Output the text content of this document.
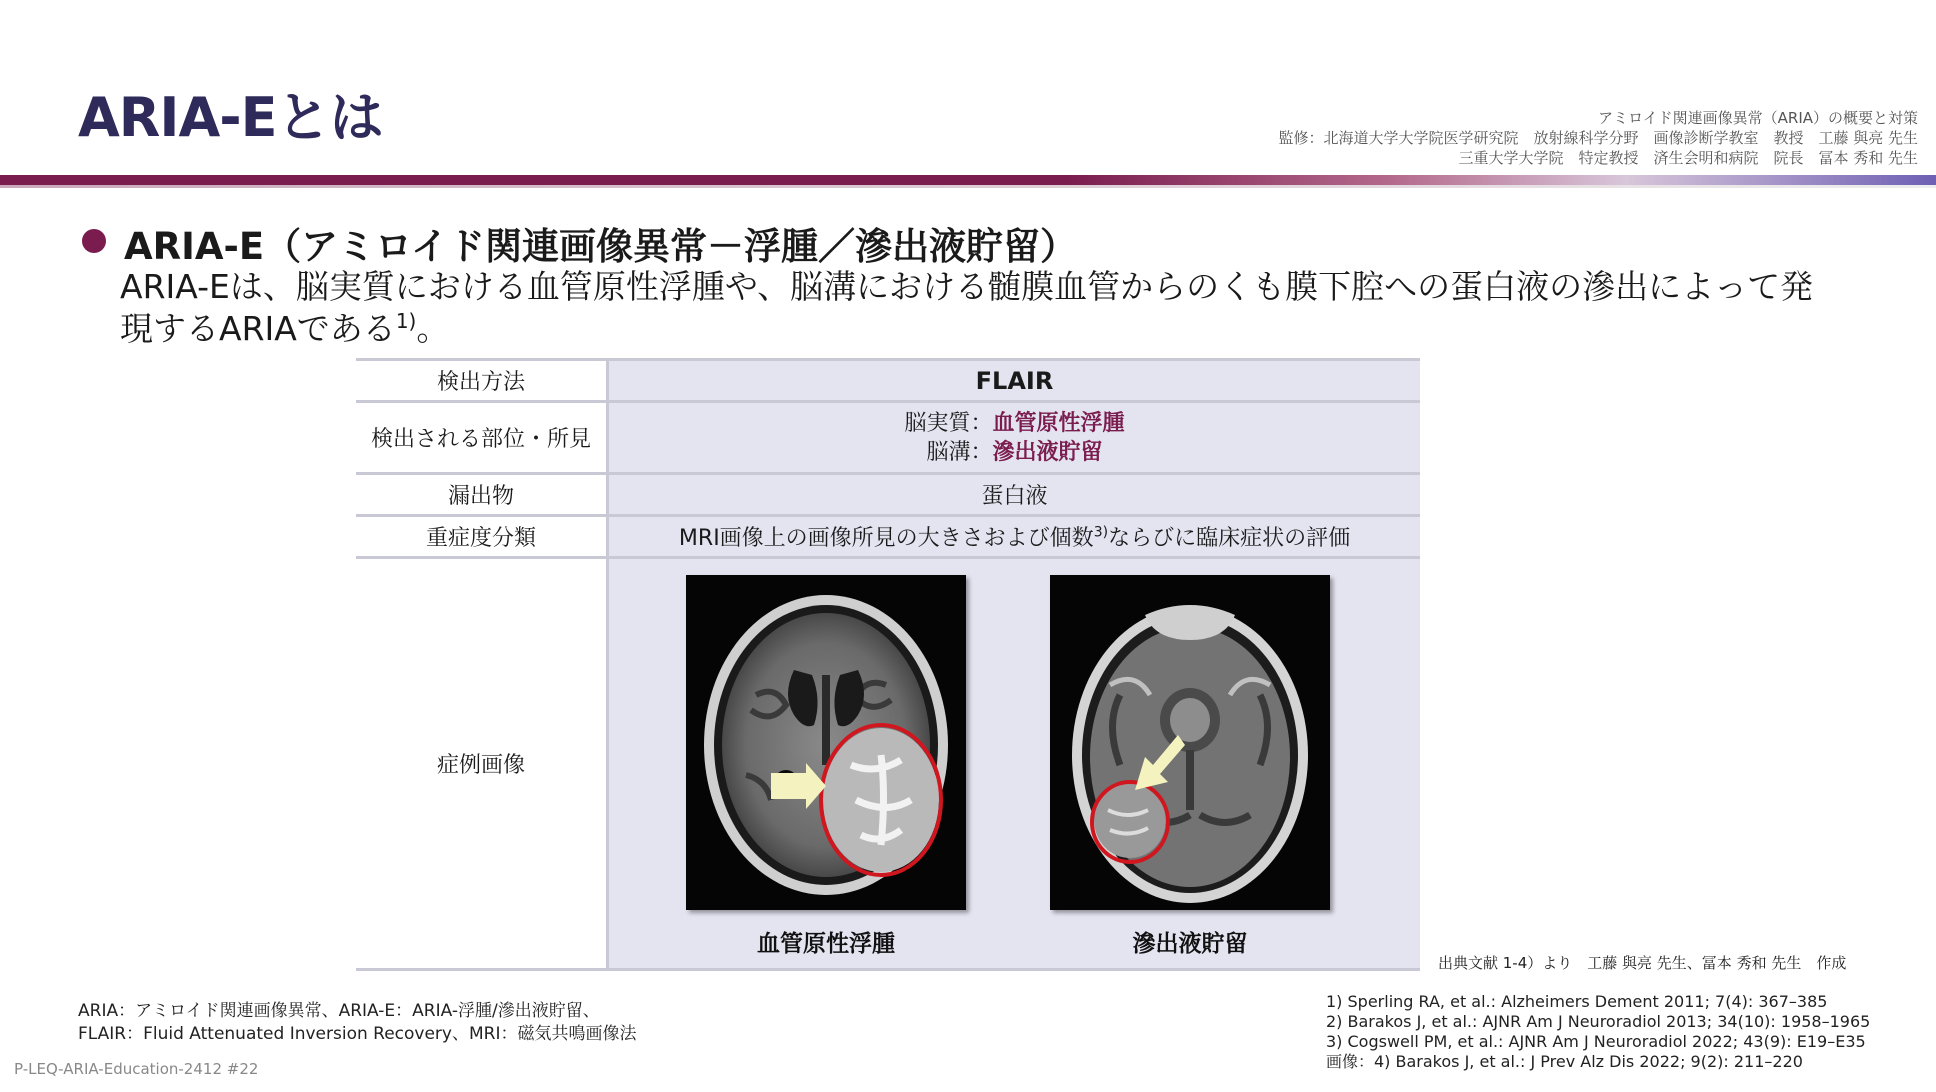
ARIA-Eとは	アミロイド関連画像異常（ARIA）の概要と対策
監修：北海道大学大学院医学研究院　放射線科学分野　画像診断学教室　教授　工藤 與亮 先生
三重大学大学院　特定教授　済生会明和病院　院長　冨本 秀和 先生
ARIA-E（アミロイド関連画像異常－浮腫／滲出液貯留）
ARIA-Eは、脳実質における血管原性浮腫や、脳溝における髄膜血管からのくも膜下腔への蛋白液の滲出によって発現するARIAである$^{1)}$。
検出方法	FLAIR
検出される部位・所見	脳実質：血管原性浮腫
脳溝：滲出液貯留

漏出物	蛋白液
重症度分類	MRI画像上の画像所見の大きさおよび個数$^{3)}$ならびに臨床症状の評価
症例画像	血管原性浮腫 滲出液貯留
出典文献 1-4）より　工藤 與亮 先生、冨本 秀和 先生　作成
ARIA：アミロイド関連画像異常、ARIA-E：ARIA-浮腫/滲出液貯留、
FLAIR：Fluid Attenuated Inversion Recovery、MRI：磁気共鳴画像法
1) Sperling RA, et al.: Alzheimers Dement 2011; 7(4): 367–385
2) Barakos J, et al.: AJNR Am J Neuroradiol 2013; 34(10): 1958–1965
3) Cogswell PM, et al.: AJNR Am J Neuroradiol 2022; 43(9): E19–E35
画像：4) Barakos J, et al.: J Prev Alz Dis 2022; 9(2): 211–220
P-LEQ-ARIA-Education-2412 #22
